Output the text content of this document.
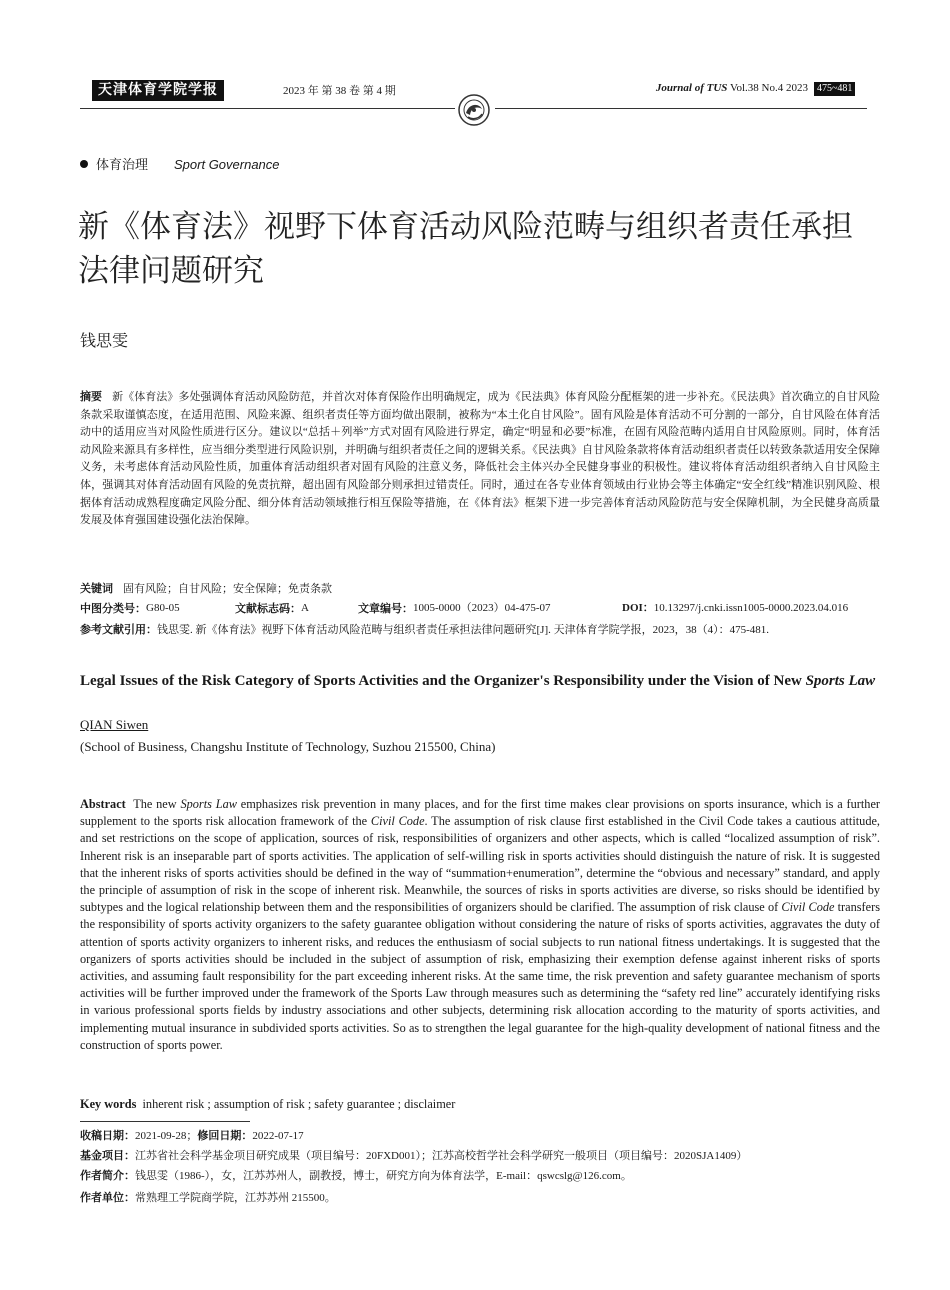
天津体育学院学报	2023 年 第 38 卷 第 4 期	Journal of TUS Vol.38 No.4 2023 475~481
体育治理 Sport Governance
新《体育法》视野下体育活动风险范畴与组织者责任承担
法律问题研究
钱思雯
摘要 新《体育法》多处强调体育活动风险防范，并首次对体育保险作出明确规定，成为《民法典》体育风险分配框架的进一步补充。《民法典》首次确立的自甘风险条款采取谨慎态度，在适用范围、风险来源、组织者责任等方面均做出限制，被称为“本土化自甘风险”。固有风险是体育活动不可分割的一部分，自甘风险在体育活动中的适用应当对风险性质进行区分。建议以“总括＋列举”方式对固有风险进行界定，确定“明显和必要”标准，在固有风险范畴内适用自甘风险原则。同时，体育活动风险来源具有多样性，应当细分类型进行风险识别，并明确与组织者责任之间的逻辑关系。《民法典》自甘风险条款将体育活动组织者责任以转致条款适用安全保障义务，未考虑体育活动风险性质，加重体育活动组织者对固有风险的注意义务，降低社会主体兴办全民健身事业的积极性。建议将体育活动组织者纳入自甘风险主体，强调其对体育活动固有风险的免责抗辩，超出固有风险部分则承担过错责任。同时，通过在各专业体育领域由行业协会等主体确定“安全红线”精准识别风险、根据体育活动成熟程度确定风险分配、细分体育活动领域推行相互保险等措施，在《体育法》框架下进一步完善体育活动风险防范与安全保障机制，为全民健身高质量发展及体育强国建设强化法治保障。
关键词 固有风险；自甘风险；安全保障；免责条款
中图分类号： G80-05	文献标志码： A	文章编号： 1005-0000（2023）04-475-07	DOI： 10.13297/j.cnki.issn1005-0000.2023.04.016
参考文献引用：钱思雯. 新《体育法》视野下体育活动风险范畴与组织者责任承担法律问题研究[J]. 天津体育学院学报，2023，38（4）：475-481.
Legal Issues of the Risk Category of Sports Activities and the Organizer's Responsibility under the Vision of New Sports Law
QIAN Siwen
(School of Business, Changshu Institute of Technology, Suzhou 215500, China)
Abstract The new Sports Law emphasizes risk prevention in many places, and for the first time makes clear provisions on sports insurance, which is a further supplement to the sports risk allocation framework of the Civil Code. The assumption of risk clause first established in the Civil Code takes a cautious attitude, and set restrictions on the scope of application, sources of risk, responsibilities of organizers and other aspects, which is called “localized assumption of risk”. Inherent risk is an inseparable part of sports activities. The application of self-willing risk in sports activities should distinguish the nature of risk. It is suggested that the inherent risks of sports activities should be defined in the way of “summation+enumeration”, determine the “obvious and necessary” standard, and apply the principle of assumption of risk in the scope of inherent risk. Meanwhile, the sources of risks in sports activities are diverse, so risks should be identified by subtypes and the logical relationship between them and the responsibilities of organizers should be clarified. The assumption of risk clause of Civil Code transfers the responsibility of sports activity organizers to the safety guarantee obligation without considering the nature of risks of sports activities, aggravates the duty of attention of sports activity organizers to inherent risks, and reduces the enthusiasm of social subjects to run national fitness undertakings. It is suggested that the organizers of sports activities should be included in the subject of assumption of risk, emphasizing their exemption defense against inherent risks of sports activities, and assuming fault responsibility for the part exceeding inherent risks. At the same time, the risk prevention and safety guarantee mechanism of sports activities will be further improved under the framework of the Sports Law through measures such as determining the “safety red line” accurately identifying risks in various professional sports fields by industry associations and other subjects, determining risk allocation according to the maturity of sports activities, and implementing mutual insurance in subdivided sports activities. So as to strengthen the legal guarantee for the high-quality development of national fitness and the construction of sports power.
Key words inherent risk ; assumption of risk ; safety guarantee ; disclaimer
收稿日期：2021-09-28；修回日期：2022-07-17
基金项目：江苏省社会科学基金项目研究成果（项目编号：20FXD001）；江苏高校哲学社会科学研究一般项目（项目编号：2020SJA1409）
作者简介：钱思雯（1986-），女，江苏苏州人，副教授，博士，研究方向为体育法学，E-mail：qswcslg@126.com。
作者单位：常熟理工学院商学院，江苏苏州 215500。
